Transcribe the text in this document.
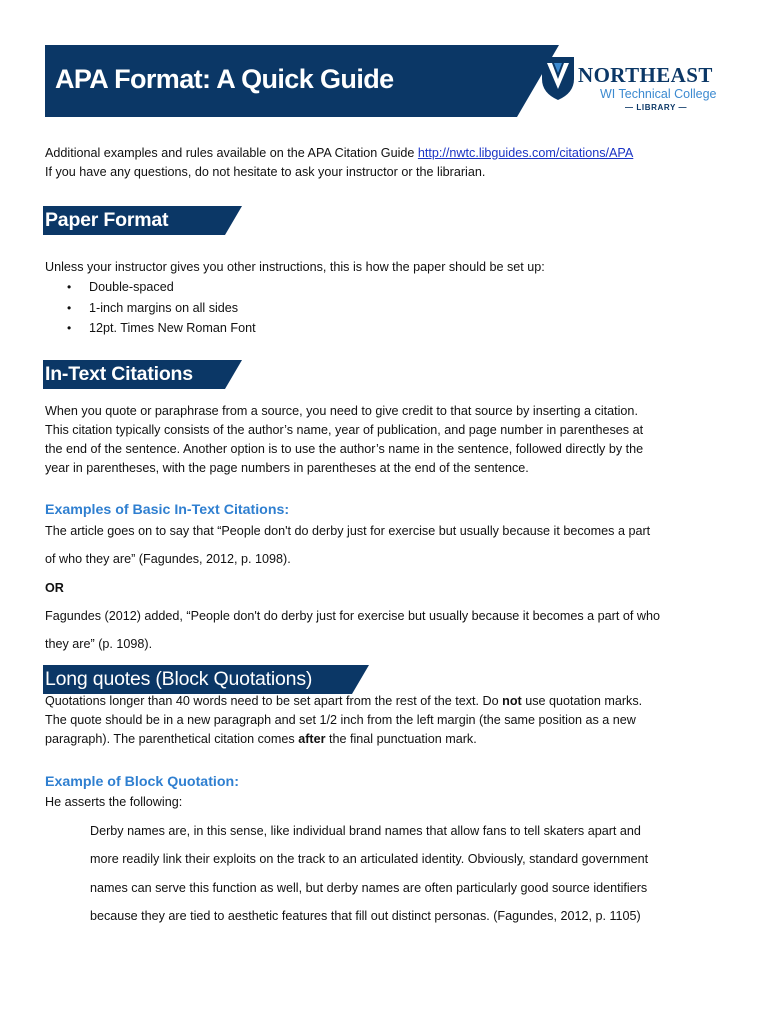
APA Format: A Quick Guide	NORTHEAST

WI Technical College

— LIBRARY —

Additional examples and rules available on the APA Citation Guide http://nwtc.libguides.com/citations/APA

If you have any questions, do not hesitate to ask your instructor or the librarian.

Paper Format

Unless your instructor gives you other instructions, this is how the paper should be set up:

• Double-spaced
• 1-inch margins on all sides
• 12pt. Times New Roman Font

In-Text Citations

When you quote or paraphrase from a source, you need to give credit to that source by inserting a citation.

This citation typically consists of the author’s name, year of publication, and page number in parentheses at

the end of the sentence. Another option is to use the author’s name in the sentence, followed directly by the

year in parentheses, with the page numbers in parentheses at the end of the sentence.

Examples of Basic In-Text Citations:

The article goes on to say that “People don't do derby just for exercise but usually because it becomes a part

of who they are” (Fagundes, 2012, p. 1098).

OR

Fagundes (2012) added, “People don't do derby just for exercise but usually because it becomes a part of who

they are” (p. 1098).

Long quotes (Block Quotations)

Quotations longer than 40 words need to be set apart from the rest of the text. Do not use quotation marks.

The quote should be in a new paragraph and set 1/2 inch from the left margin (the same position as a new

paragraph). The parenthetical citation comes after the final punctuation mark.

Example of Block Quotation:

He asserts the following:

Derby names are, in this sense, like individual brand names that allow fans to tell skaters apart and

more readily link their exploits on the track to an articulated identity. Obviously, standard government

names can serve this function as well, but derby names are often particularly good source identifiers

because they are tied to aesthetic features that fill out distinct personas. (Fagundes, 2012, p. 1105)
